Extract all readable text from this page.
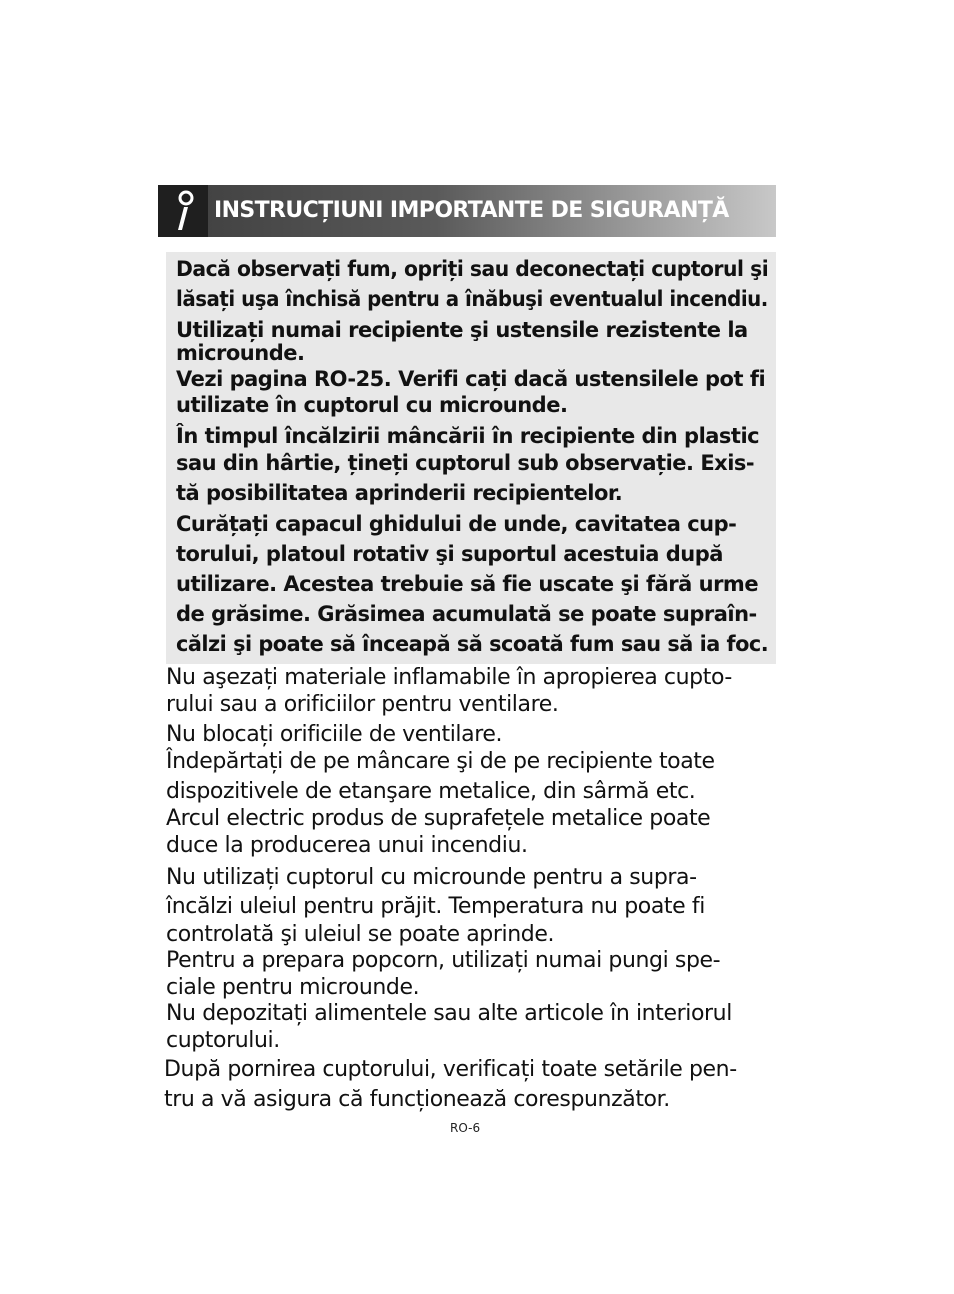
INSTRUCȚIUNI IMPORTANTE DE SIGURANȚĂ
Dacă observați fum, opriți sau deconectați cuptorul şi
lăsați uşa închisă pentru a înăbuşi eventualul incendiu.
Utilizați numai recipiente şi ustensile rezistente la
microunde.
Vezi pagina RO-25. Verifi cați dacă ustensilele pot fi
utilizate în cuptorul cu microunde.
În timpul încălzirii mâncării în recipiente din plastic
sau din hârtie, țineți cuptorul sub observație. Exis-
tă posibilitatea aprinderii recipientelor.
Curățați capacul ghidului de unde, cavitatea cup-
torului, platoul rotativ şi suportul acestuia după
utilizare. Acestea trebuie să fie uscate şi fără urme
de grăsime. Grăsimea acumulată se poate supraîn-
călzi şi poate să înceapă să scoată fum sau să ia foc.
Nu aşezați materiale inflamabile în apropierea cupto-
rului sau a orificiilor pentru ventilare.
Nu blocați orificiile de ventilare.
Îndepărtați de pe mâncare şi de pe recipiente toate
dispozitivele de etanşare metalice, din sârmă etc.
Arcul electric produs de suprafețele metalice poate
duce la producerea unui incendiu.
Nu utilizați cuptorul cu microunde pentru a supra-
încălzi uleiul pentru prăjit. Temperatura nu poate fi
controlată şi uleiul se poate aprinde.
Pentru a prepara popcorn, utilizați numai pungi spe-
ciale pentru microunde.
Nu depozitați alimentele sau alte articole în interiorul
cuptorului.
După pornirea cuptorului, verificați toate setările pen-
tru a vă asigura că funcționează corespunzător.
RO-6
